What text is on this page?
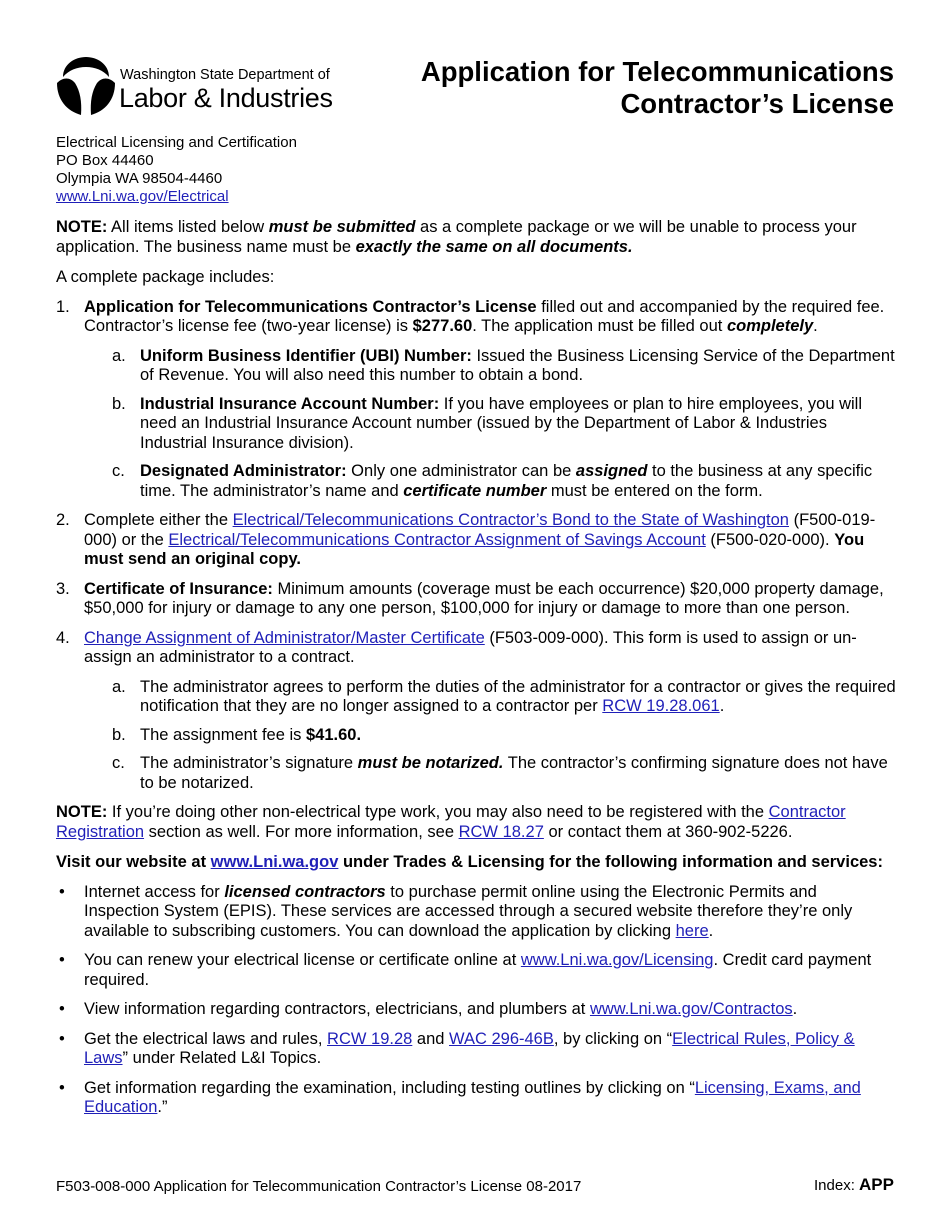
Washington State Department of
Labor & Industries
Application for Telecommunications
Contractor’s License
Electrical Licensing and Certification
PO Box 44460
Olympia WA 98504-4460
www.Lni.wa.gov/Electrical

NOTE: All items listed below must be submitted as a complete package or we will be unable to process your application. The business name must be exactly the same on all documents.

A complete package includes:

1. Application for Telecommunications Contractor’s License filled out and accompanied by the required fee. Contractor’s license fee (two-year license) is $277.60. The application must be filled out completely.
a. Uniform Business Identifier (UBI) Number: Issued the Business Licensing Service of the Department of Revenue. You will also need this number to obtain a bond.
b. Industrial Insurance Account Number: If you have employees or plan to hire employees, you will need an Industrial Insurance Account number (issued by the Department of Labor & Industries Industrial Insurance division).
c. Designated Administrator: Only one administrator can be assigned to the business at any specific time. The administrator’s name and certificate number must be entered on the form.
2. Complete either the Electrical/Telecommunications Contractor’s Bond to the State of Washington (F500-019-000) or the Electrical/Telecommunications Contractor Assignment of Savings Account (F500-020-000). You must send an original copy.
3. Certificate of Insurance: Minimum amounts (coverage must be each occurrence) $20,000 property damage, $50,000 for injury or damage to any one person, $100,000 for injury or damage to more than one person.
4. Change Assignment of Administrator/Master Certificate (F503-009-000). This form is used to assign or un-assign an administrator to a contract.
a. The administrator agrees to perform the duties of the administrator for a contractor or gives the required notification that they are no longer assigned to a contractor per RCW 19.28.061.
b. The assignment fee is $41.60.
c. The administrator’s signature must be notarized. The contractor’s confirming signature does not have to be notarized.

NOTE: If you’re doing other non-electrical type work, you may also need to be registered with the Contractor Registration section as well. For more information, see RCW 18.27 or contact them at 360-902-5226.

Visit our website at www.Lni.wa.gov under Trades & Licensing for the following information and services:

• Internet access for licensed contractors to purchase permit online using the Electronic Permits and Inspection System (EPIS). These services are accessed through a secured website therefore they’re only available to subscribing customers. You can download the application by clicking here.
• You can renew your electrical license or certificate online at www.Lni.wa.gov/Licensing. Credit card payment required.
• View information regarding contractors, electricians, and plumbers at www.Lni.wa.gov/Contractos.
• Get the electrical laws and rules, RCW 19.28 and WAC 296-46B, by clicking on “Electrical Rules, Policy & Laws” under Related L&I Topics.
• Get information regarding the examination, including testing outlines by clicking on “Licensing, Exams, and Education.”
F503-008-000 Application for Telecommunication Contractor’s License 08-2017	Index: APP
